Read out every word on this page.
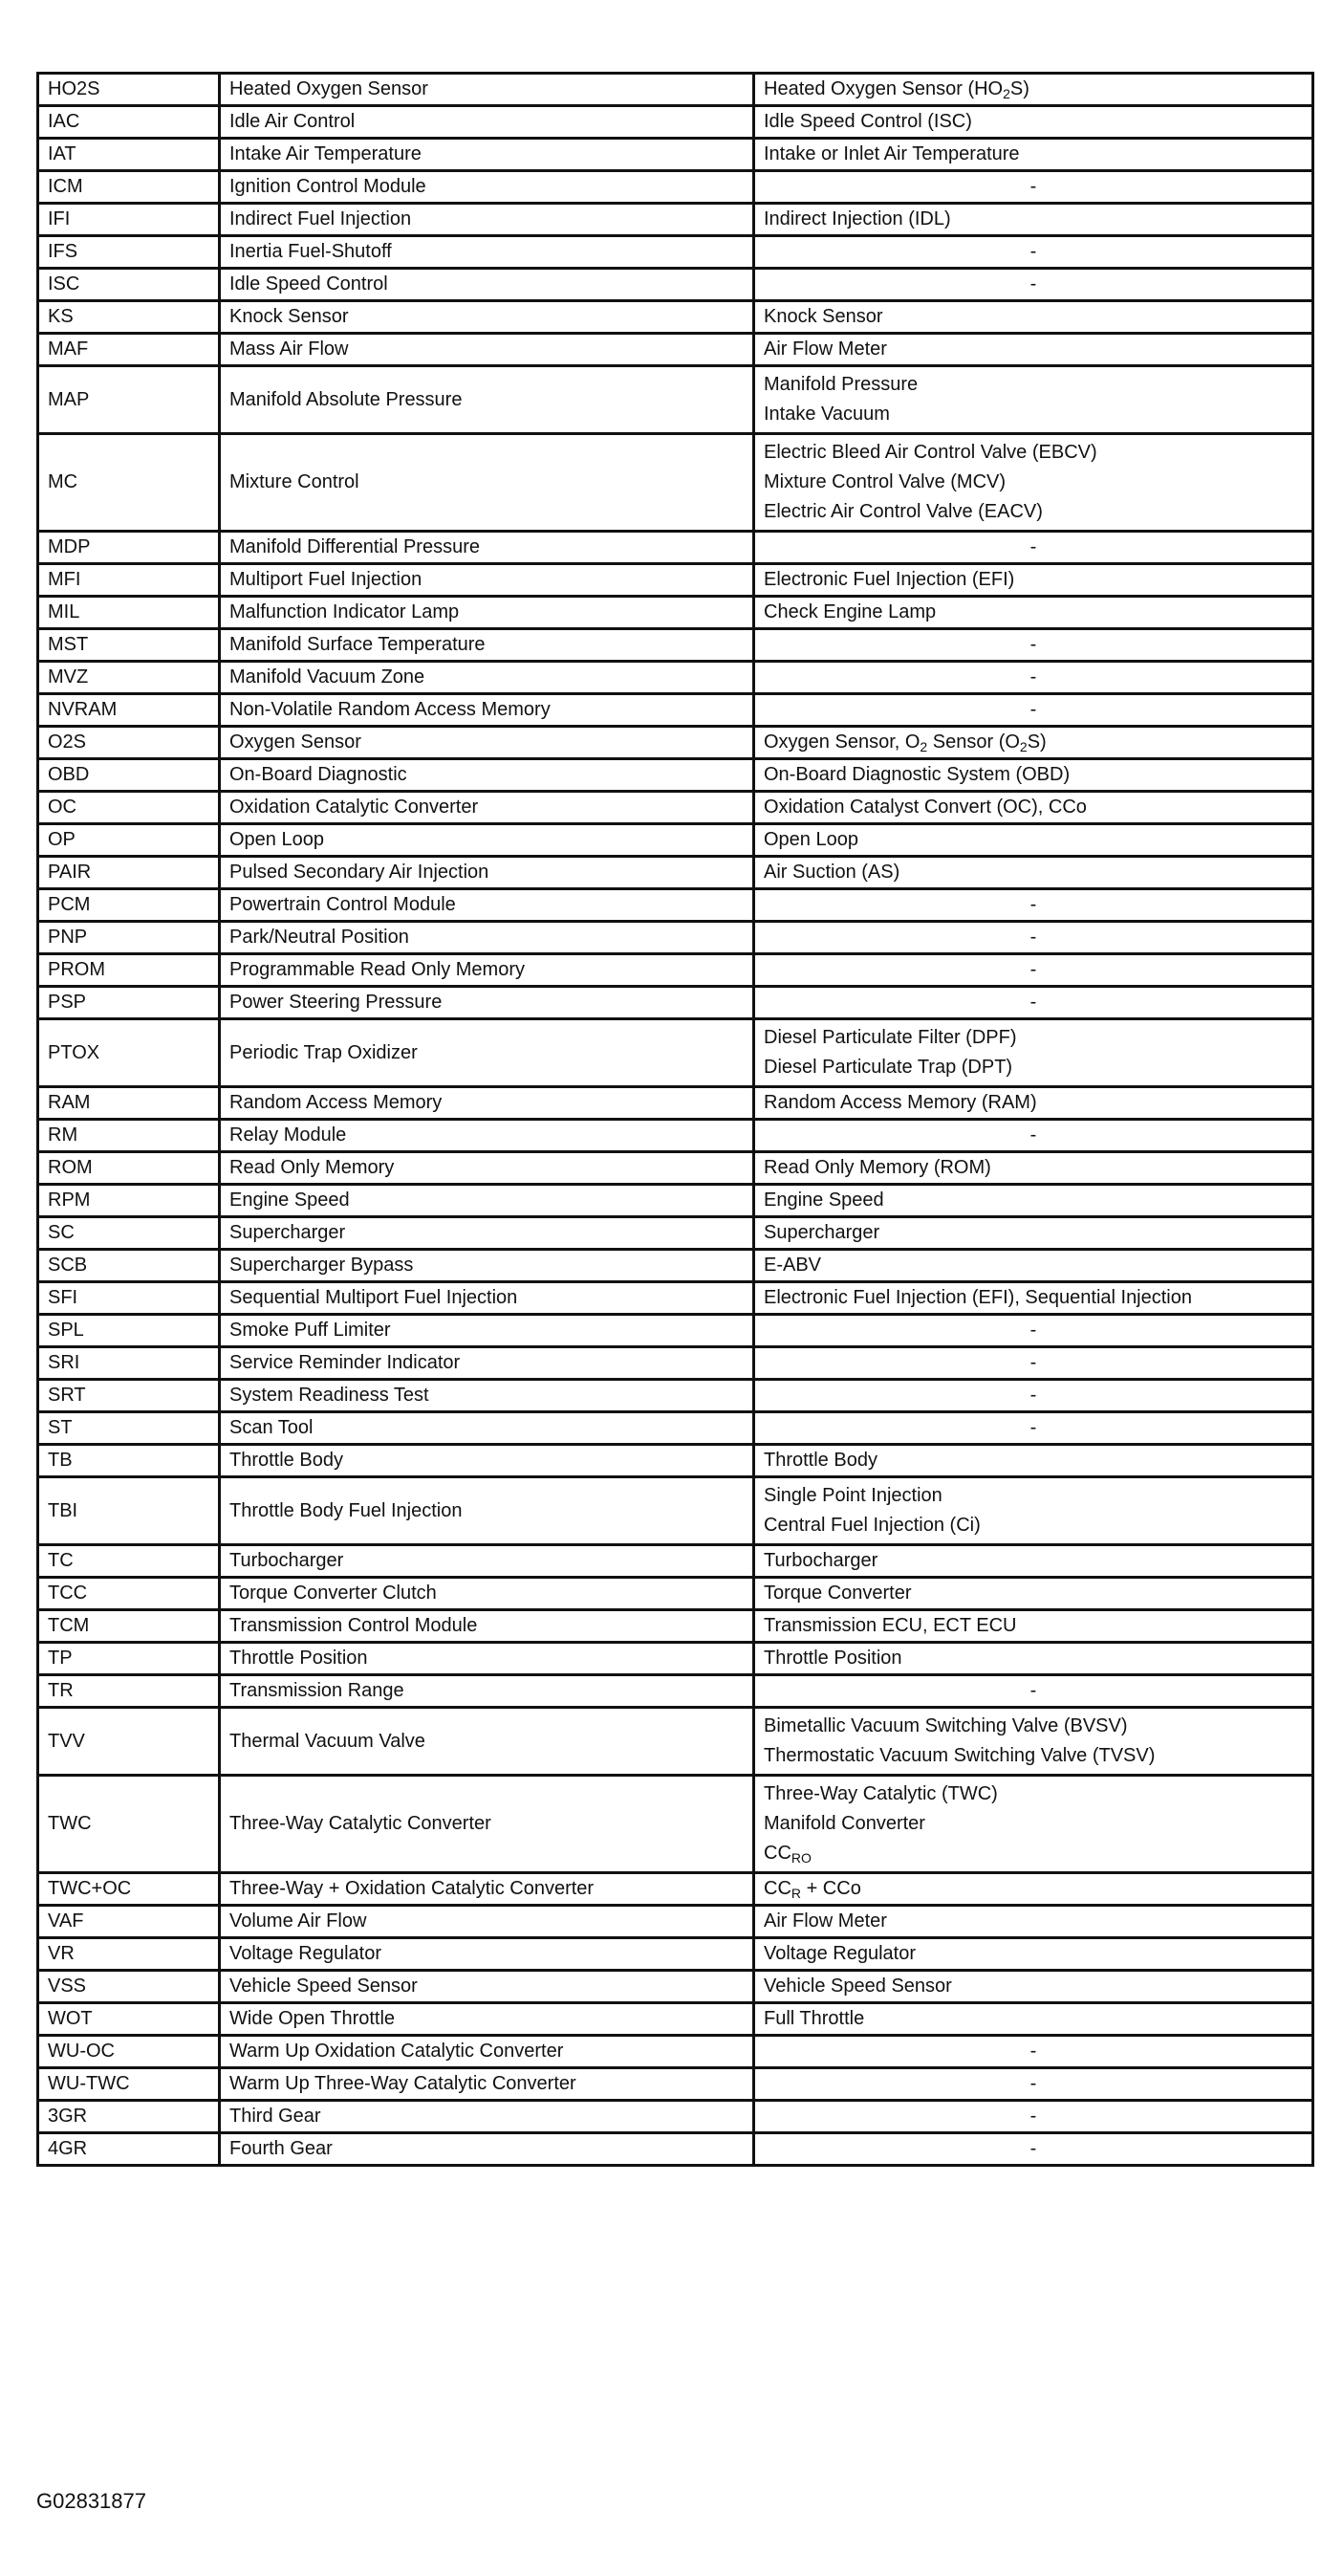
HO2S	Heated Oxygen Sensor	Heated Oxygen Sensor $(HO_2S)$

IAC	Idle Air Control	Idle Speed Control (ISC)

IAT	Intake Air Temperature	Intake or Inlet Air Temperature

ICM	Ignition Control Module	-

IFI	Indirect Fuel Injection	Indirect Injection (IDL)

IFS	Inertia Fuel-Shutoff	-

ISC	Idle Speed Control	-

KS	Knock Sensor	Knock Sensor

MAF	Mass Air Flow	Air Flow Meter

MAP	Manifold Absolute Pressure	Manifold Pressure
Intake Vacuum

MC	Mixture Control	Electric Bleed Air Control Valve (EBCV)
Mixture Control Valve (MCV)
Electric Air Control Valve (EACV)

MDP	Manifold Differential Pressure	-

MFI	Multiport Fuel Injection	Electronic Fuel Injection (EFI)

MIL	Malfunction Indicator Lamp	Check Engine Lamp

MST	Manifold Surface Temperature	-

MVZ	Manifold Vacuum Zone	-

NVRAM	Non-Volatile Random Access Memory	-

O2S	Oxygen Sensor	Oxygen Sensor, $O_2$ Sensor $(O_2S)$

OBD	On-Board Diagnostic	On-Board Diagnostic System (OBD)

OC	Oxidation Catalytic Converter	Oxidation Catalyst Convert (OC), CCo

OP	Open Loop	Open Loop

PAIR	Pulsed Secondary Air Injection	Air Suction (AS)

PCM	Powertrain Control Module	-

PNP	Park/Neutral Position	-

PROM	Programmable Read Only Memory	-

PSP	Power Steering Pressure	-

PTOX	Periodic Trap Oxidizer	Diesel Particulate Filter (DPF)
Diesel Particulate Trap (DPT)

RAM	Random Access Memory	Random Access Memory (RAM)

RM	Relay Module	-

ROM	Read Only Memory	Read Only Memory (ROM)

RPM	Engine Speed	Engine Speed

SC	Supercharger	Supercharger

SCB	Supercharger Bypass	E-ABV

SFI	Sequential Multiport Fuel Injection	Electronic Fuel Injection (EFI), Sequential Injection

SPL	Smoke Puff Limiter	-

SRI	Service Reminder Indicator	-

SRT	System Readiness Test	-

ST	Scan Tool	-

TB	Throttle Body	Throttle Body

TBI	Throttle Body Fuel Injection	Single Point Injection
Central Fuel Injection (Ci)

TC	Turbocharger	Turbocharger

TCC	Torque Converter Clutch	Torque Converter

TCM	Transmission Control Module	Transmission ECU, ECT ECU

TP	Throttle Position	Throttle Position

TR	Transmission Range	-

TVV	Thermal Vacuum Valve	Bimetallic Vacuum Switching Valve (BVSV)
Thermostatic Vacuum Switching Valve (TVSV)

TWC	Three-Way Catalytic Converter	Three-Way Catalytic (TWC)
Manifold Converter
$CC_{RO}$

TWC+OC	Three-Way + Oxidation Catalytic Converter	$CC_R$ + CCo

VAF	Volume Air Flow	Air Flow Meter

VR	Voltage Regulator	Voltage Regulator

VSS	Vehicle Speed Sensor	Vehicle Speed Sensor

WOT	Wide Open Throttle	Full Throttle

WU-OC	Warm Up Oxidation Catalytic Converter	-

WU-TWC	Warm Up Three-Way Catalytic Converter	-

3GR	Third Gear	-

4GR	Fourth Gear	-
G02831877
